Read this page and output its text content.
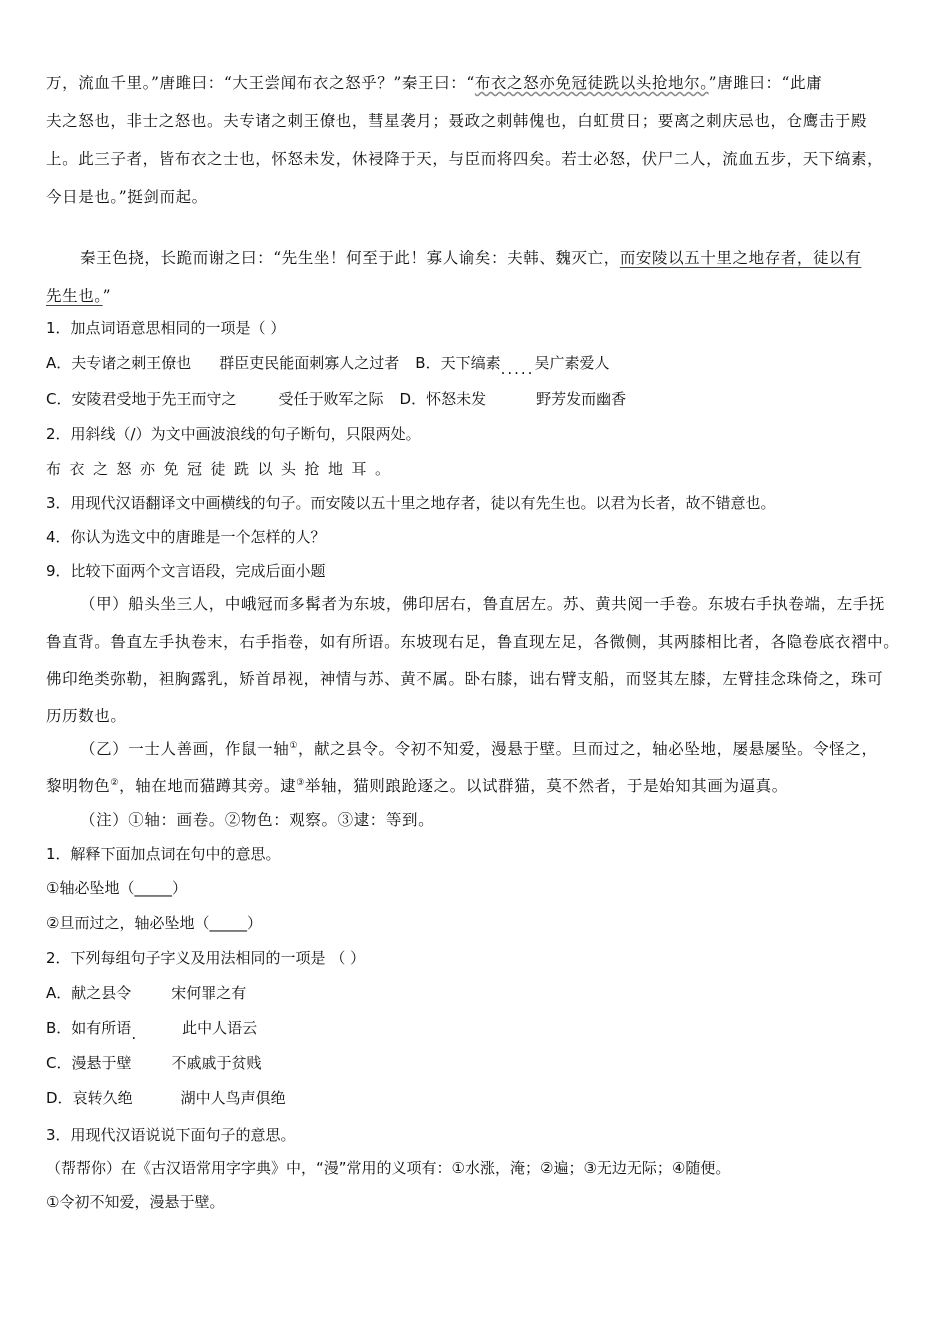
万，流血千里。”唐雎曰：“大王尝闻布衣之怒乎？”秦王曰：“布衣之怒亦免冠徒跣以头抢地尔。”唐雎曰：“此庸
夫之怒也，非士之怒也。夫专诸之刺王僚也，彗星袭月；聂政之刺韩傀也，白虹贯日；要离之刺庆忌也，仓鹰击于殿
上。此三子者，皆布衣之士也，怀怒未发，休祲降于天，与臣而将四矣。若士必怒，伏尸二人，流血五步，天下缟素，
今日是也。”挺剑而起。
秦王色挠，长跪而谢之曰：“先生坐！何至于此！寡人谕矣：夫韩、魏灭亡，而安陵以五十里之地存者，徒以有
先生也。”
1．加点词语意思相同的一项是（ ）
A．夫专诸之刺王僚也 群臣吏民能面刺寡人之过者 B．天下缟素.....吴广素爱人
C．安陵君受地于先王而守之	受任于败军之际 D．怀怒未发	野芳发而幽香
2．用斜线（/）为文中画波浪线的句子断句，只限两处。
布衣之怒亦免冠徒跣以头抢地耳。
3．用现代汉语翻译文中画横线的句子。而安陵以五十里之地存者，徒以有先生也。以君为长者，故不错意也。
4．你认为选文中的唐雎是一个怎样的人？
9．比较下面两个文言语段，完成后面小题
（甲）船头坐三人，中峨冠而多髯者为东坡，佛印居右，鲁直居左。苏、黄共阅一手卷。东坡右手执卷端，左手抚
鲁直背。鲁直左手执卷末，右手指卷，如有所语。东坡现右足，鲁直现左足，各微侧，其两膝相比者，各隐卷底衣褶中。
佛印绝类弥勒，袒胸露乳，矫首昂视，神情与苏、黄不属。卧右膝，诎右臂支船，而竖其左膝，左臂挂念珠倚之，珠可
历历数也。
（乙）一士人善画，作鼠一轴①，献之县令。令初不知爱，漫悬于壁。旦而过之，轴必坠地，屡悬屡坠。令怪之，
黎明物色②，轴在地而猫蹲其旁。逮③举轴，猫则踉跄逐之。以试群猫，莫不然者，于是始知其画为逼真。
（注）①轴：画卷。②物色：观察。③逮：等到。
1．解释下面加点词在句中的意思。
①轴必坠地（_____）
②旦而过之，轴必坠地（_____）
2．下列每组句子字义及用法相同的一项是 （ ）
A．献之县令	宋何罪之有
B．如有所语.	此中人语云
C．漫悬于壁	不戚戚于贫贱
D．哀转久绝	湖中人鸟声俱绝
3．用现代汉语说说下面句子的意思。
（帮帮你）在《古汉语常用字字典》中，“漫”常用的义项有：①水涨，淹；②遍；③无边无际；④随便。
①令初不知爱，漫悬于壁。
